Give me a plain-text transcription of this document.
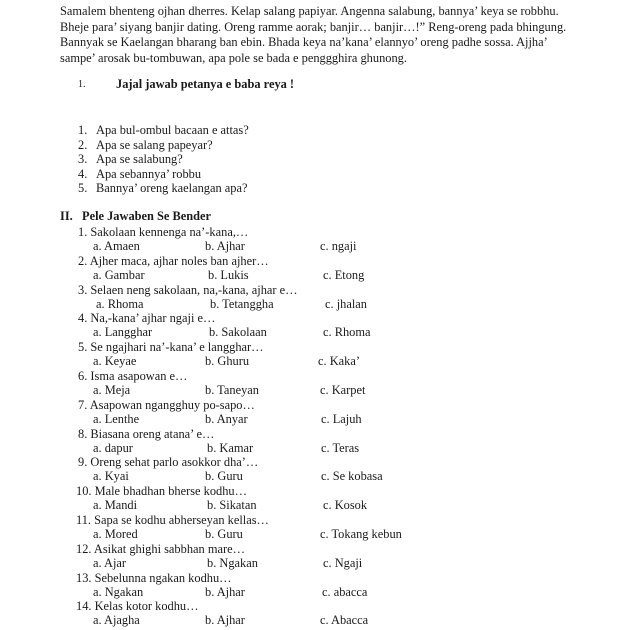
Samalem bhenteng ojhan dherres. Kelap salang papiyar. Angenna salabung, bannya’ keya se robbhu.
Bheje para’ siyang banjir dating. Oreng ramme aorak; banjir… banjir…!” Reng-oreng pada bhingung.
Bannyak se Kaelangan bharang ban ebin. Bhada keya na’kana’ elannyo’ oreng padhe sossa. Ajjha’
sampe’ arosak bu-tombuwan, apa pole se bada e penggghira ghunong.
1. Jajal jawab petanya e baba reya !
1. Apa bul-ombul bacaan e attas?
2. Apa se salang papeyar?
3. Apa se salabung?
4. Apa sebannya’ robbu
5. Bannya’ oreng kaelangan apa?
II. Pele Jawaben Se Bender
1. Sakolaan kennenga na’-kana,…
a. Amaen	b. Ajhar	c. ngaji
2. Ajher maca, ajhar noles ban ajher…
a. Gambar	b. Lukis	c. Etong
3. Selaen neng sakolaan, na,-kana, ajhar e…
a. Rhoma	b. Tetanggha	c. jhalan
4. Na,-kana’ ajhar ngaji e…
a. Langghar	b. Sakolaan	c. Rhoma
5. Se ngajhari na’-kana’ e langghar…
a. Keyae	b. Ghuru	c. Kaka’
6. Isma asapowan e…
a. Meja	b. Taneyan	c. Karpet
7. Asapowan ngangghuy po-sapo…
a. Lenthe	b. Anyar	c. Lajuh
8. Biasana oreng atana’ e…
a. dapur	b. Kamar	c. Teras
9. Oreng sehat parlo asokkor dha’…
a. Kyai	b. Guru	c. Se kobasa
10. Male bhadhan bherse kodhu…
a. Mandi	b. Sikatan	c. Kosok
11. Sapa se kodhu abherseyan kellas…
a. Mored	b. Guru	c. Tokang kebun
12. Asikat ghighi sabbhan mare…
a. Ajar	b. Ngakan	c. Ngaji
13. Sebelunna ngakan kodhu…
a. Ngakan	b. Ajhar	c. abacca
14. Kelas kotor kodhu…
a. Ajagha	b. Ajhar	c. Abacca
